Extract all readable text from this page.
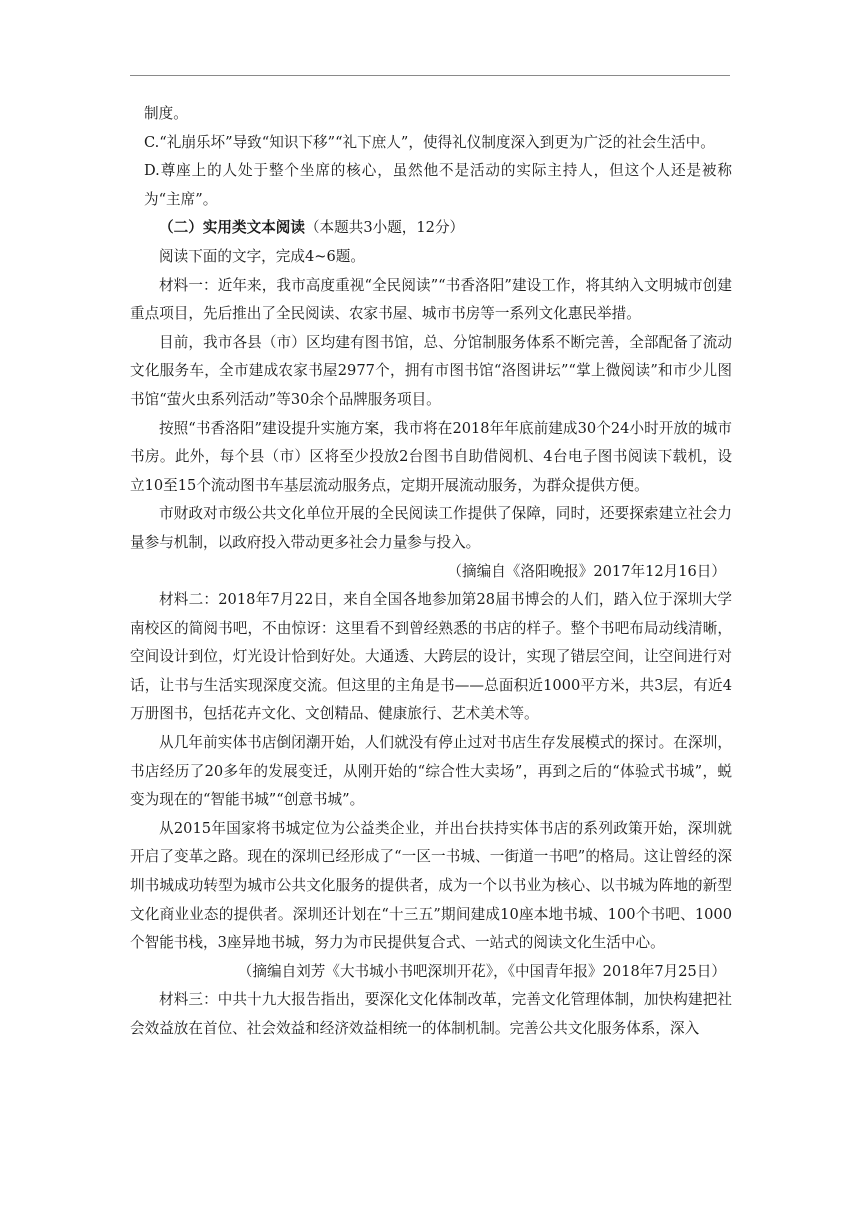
制度。

C.“礼崩乐坏”导致“知识下移”“礼下庶人”，使得礼仪制度深入到更为广泛的社会生活中。

D.尊座上的人处于整个坐席的核心，虽然他不是活动的实际主持人，但这个人还是被称为“主席”。

（二）实用类文本阅读（本题共3小题，12分）

阅读下面的文字，完成4~6题。

材料一：近年来，我市高度重视“全民阅读”“书香洛阳”建设工作，将其纳入文明城市创建重点项目，先后推出了全民阅读、农家书屋、城市书房等一系列文化惠民举措。

目前，我市各县（市）区均建有图书馆，总、分馆制服务体系不断完善，全部配备了流动文化服务车，全市建成农家书屋2977个，拥有市图书馆“洛图讲坛”“掌上微阅读”和市少儿图书馆“萤火虫系列活动”等30余个品牌服务项目。

按照“书香洛阳”建设提升实施方案，我市将在2018年年底前建成30个24小时开放的城市书房。此外，每个县（市）区将至少投放2台图书自助借阅机、4台电子图书阅读下载机，设立10至15个流动图书车基层流动服务点，定期开展流动服务，为群众提供方便。

市财政对市级公共文化单位开展的全民阅读工作提供了保障，同时，还要探索建立社会力量参与机制，以政府投入带动更多社会力量参与投入。

（摘编自《洛阳晚报》2017年12月16日）

材料二：2018年7月22日，来自全国各地参加第28届书博会的人们，踏入位于深圳大学南校区的简阅书吧，不由惊讶：这里看不到曾经熟悉的书店的样子。整个书吧布局动线清晰，空间设计到位，灯光设计恰到好处。大通透、大跨层的设计，实现了错层空间，让空间进行对话，让书与生活实现深度交流。但这里的主角是书——总面积近1000平方米，共3层，有近4万册图书，包括花卉文化、文创精品、健康旅行、艺术美术等。

从几年前实体书店倒闭潮开始，人们就没有停止过对书店生存发展模式的探讨。在深圳，书店经历了20多年的发展变迁，从刚开始的“综合性大卖场”，再到之后的“体验式书城”，蜕变为现在的“智能书城”“创意书城”。

从2015年国家将书城定位为公益类企业，并出台扶持实体书店的系列政策开始，深圳就开启了变革之路。现在的深圳已经形成了“一区一书城、一街道一书吧”的格局。这让曾经的深圳书城成功转型为城市公共文化服务的提供者，成为一个以书业为核心、以书城为阵地的新型文化商业业态的提供者。深圳还计划在“十三五”期间建成10座本地书城、100个书吧、1000个智能书栈，3座异地书城，努力为市民提供复合式、一站式的阅读文化生活中心。

（摘编自刘芳《大书城小书吧深圳开花》，《中国青年报》2018年7月25日）

材料三：中共十九大报告指出，要深化文化体制改革，完善文化管理体制，加快构建把社会效益放在首位、社会效益和经济效益相统一的体制机制。完善公共文化服务体系，深入
